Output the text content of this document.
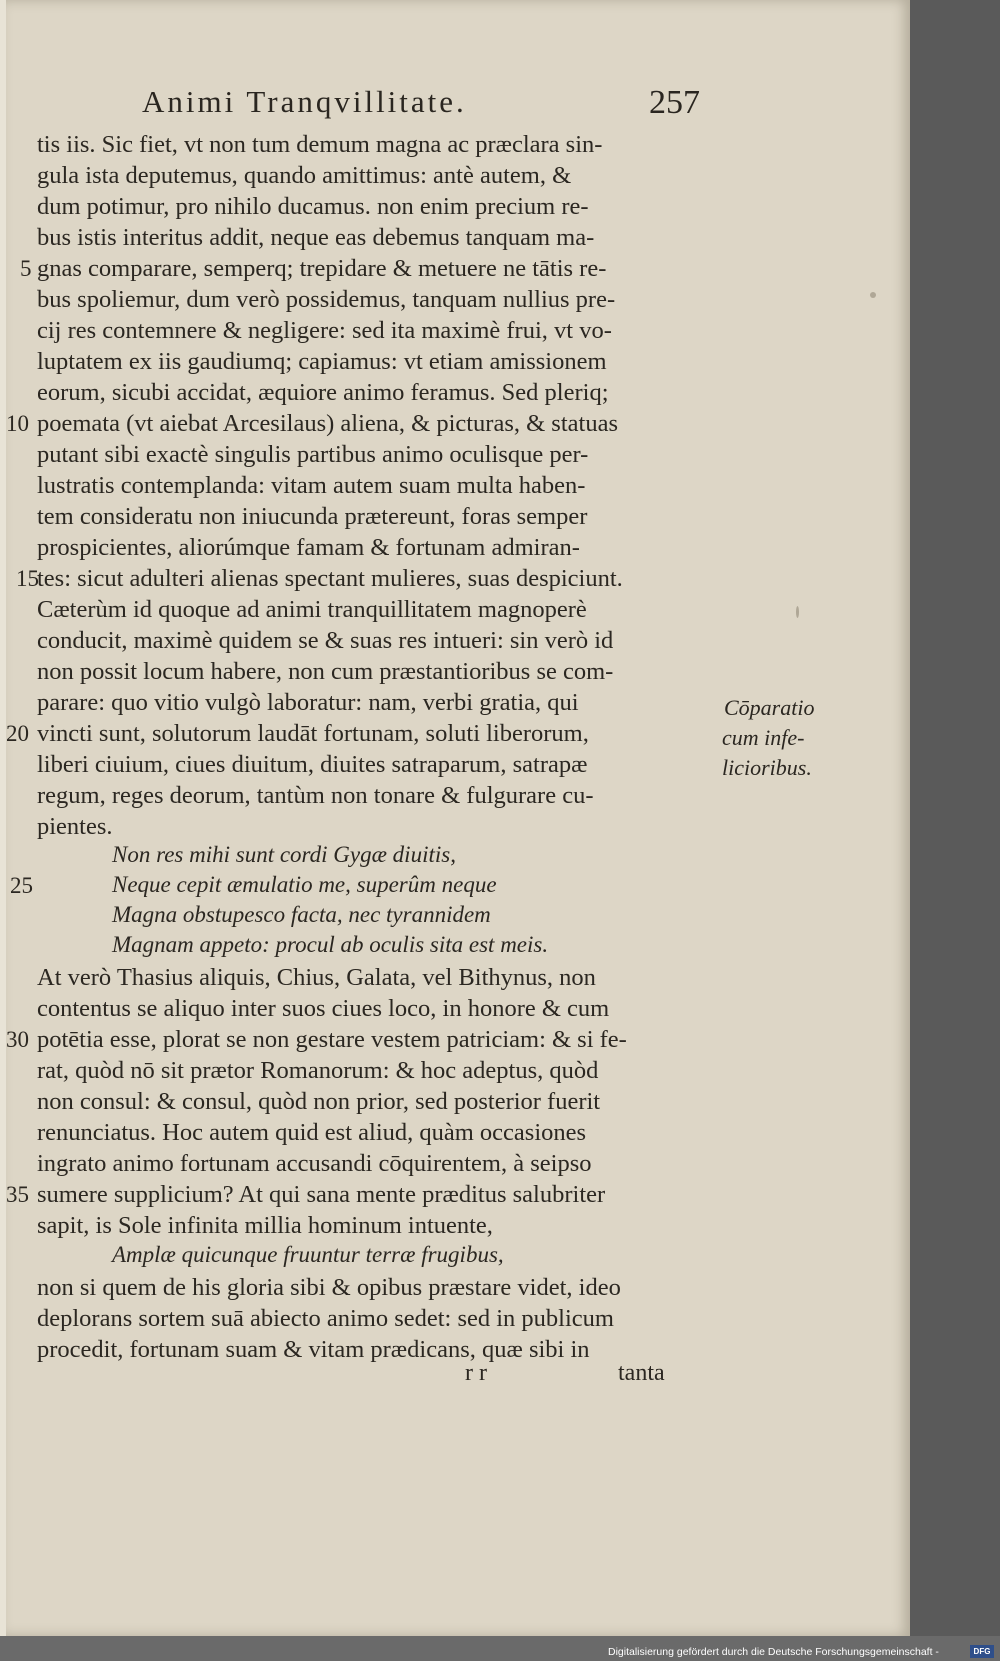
Animi Tranqvillitate.	257
tis iis. Sic fiet, vt non tum demum magna ac præclara sin-
gula ista deputemus, quando amittimus: antè autem, &
dum potimur, pro nihilo ducamus. non enim precium re-
bus istis interitus addit, neque eas debemus tanquam ma-
gnas comparare, semperq; trepidare & metuere ne tātis re-
bus spoliemur, dum verò possidemus, tanquam nullius pre-
cij res contemnere & negligere: sed ita maximè frui, vt vo-
luptatem ex iis gaudiumq; capiamus: vt etiam amissionem
eorum, sicubi accidat, æquiore animo feramus. Sed pleriq;
poemata (vt aiebat Arcesilaus) aliena, & picturas, & statuas
putant sibi exactè singulis partibus animo oculisque per-
lustratis contemplanda: vitam autem suam multa haben-
tem consideratu non iniucunda prætereunt, foras semper
prospicientes, aliorúmque famam & fortunam admiran-
tes: sicut adulteri alienas spectant mulieres, suas despiciunt.
Cæterùm id quoque ad animi tranquillitatem magnoperè
conducit, maximè quidem se & suas res intueri: sin verò id
non possit locum habere, non cum præstantioribus se com-
parare: quo vitio vulgò laboratur: nam, verbi gratia, qui
vincti sunt, solutorum laudāt fortunam, soluti liberorum,
liberi ciuium, ciues diuitum, diuites satraparum, satrapæ
regum, reges deorum, tantùm non tonare & fulgurare cu-
pientes.
Non res mihi sunt cordi Gygæ diuitis,
Neque cepit æmulatio me, superûm neque
Magna obstupesco facta, nec tyrannidem
Magnam appeto: procul ab oculis sita est meis.
At verò Thasius aliquis, Chius, Galata, vel Bithynus, non
contentus se aliquo inter suos ciues loco, in honore & cum
potētia esse, plorat se non gestare vestem patriciam: & si fe-
rat, quòd nō sit prætor Romanorum: & hoc adeptus, quòd
non consul: & consul, quòd non prior, sed posterior fuerit
renunciatus. Hoc autem quid est aliud, quàm occasiones
ingrato animo fortunam accusandi cōquirentem, à seipso
sumere supplicium? At qui sana mente præditus salubriter
sapit, is Sole infinita millia hominum intuente,
Amplæ quicunque fruuntur terræ frugibus,
non si quem de his gloria sibi & opibus præstare videt, ideo
deplorans sortem suā abiecto animo sedet: sed in publicum
procedit, fortunam suam & vitam prædicans, quæ sibi in
5
10
15
20
25
30
35
Cōparatio
cum infe-
licioribus.
r r	tanta
Digitalisierung gefördert durch die Deutsche Forschungsgemeinschaft -	DFG
